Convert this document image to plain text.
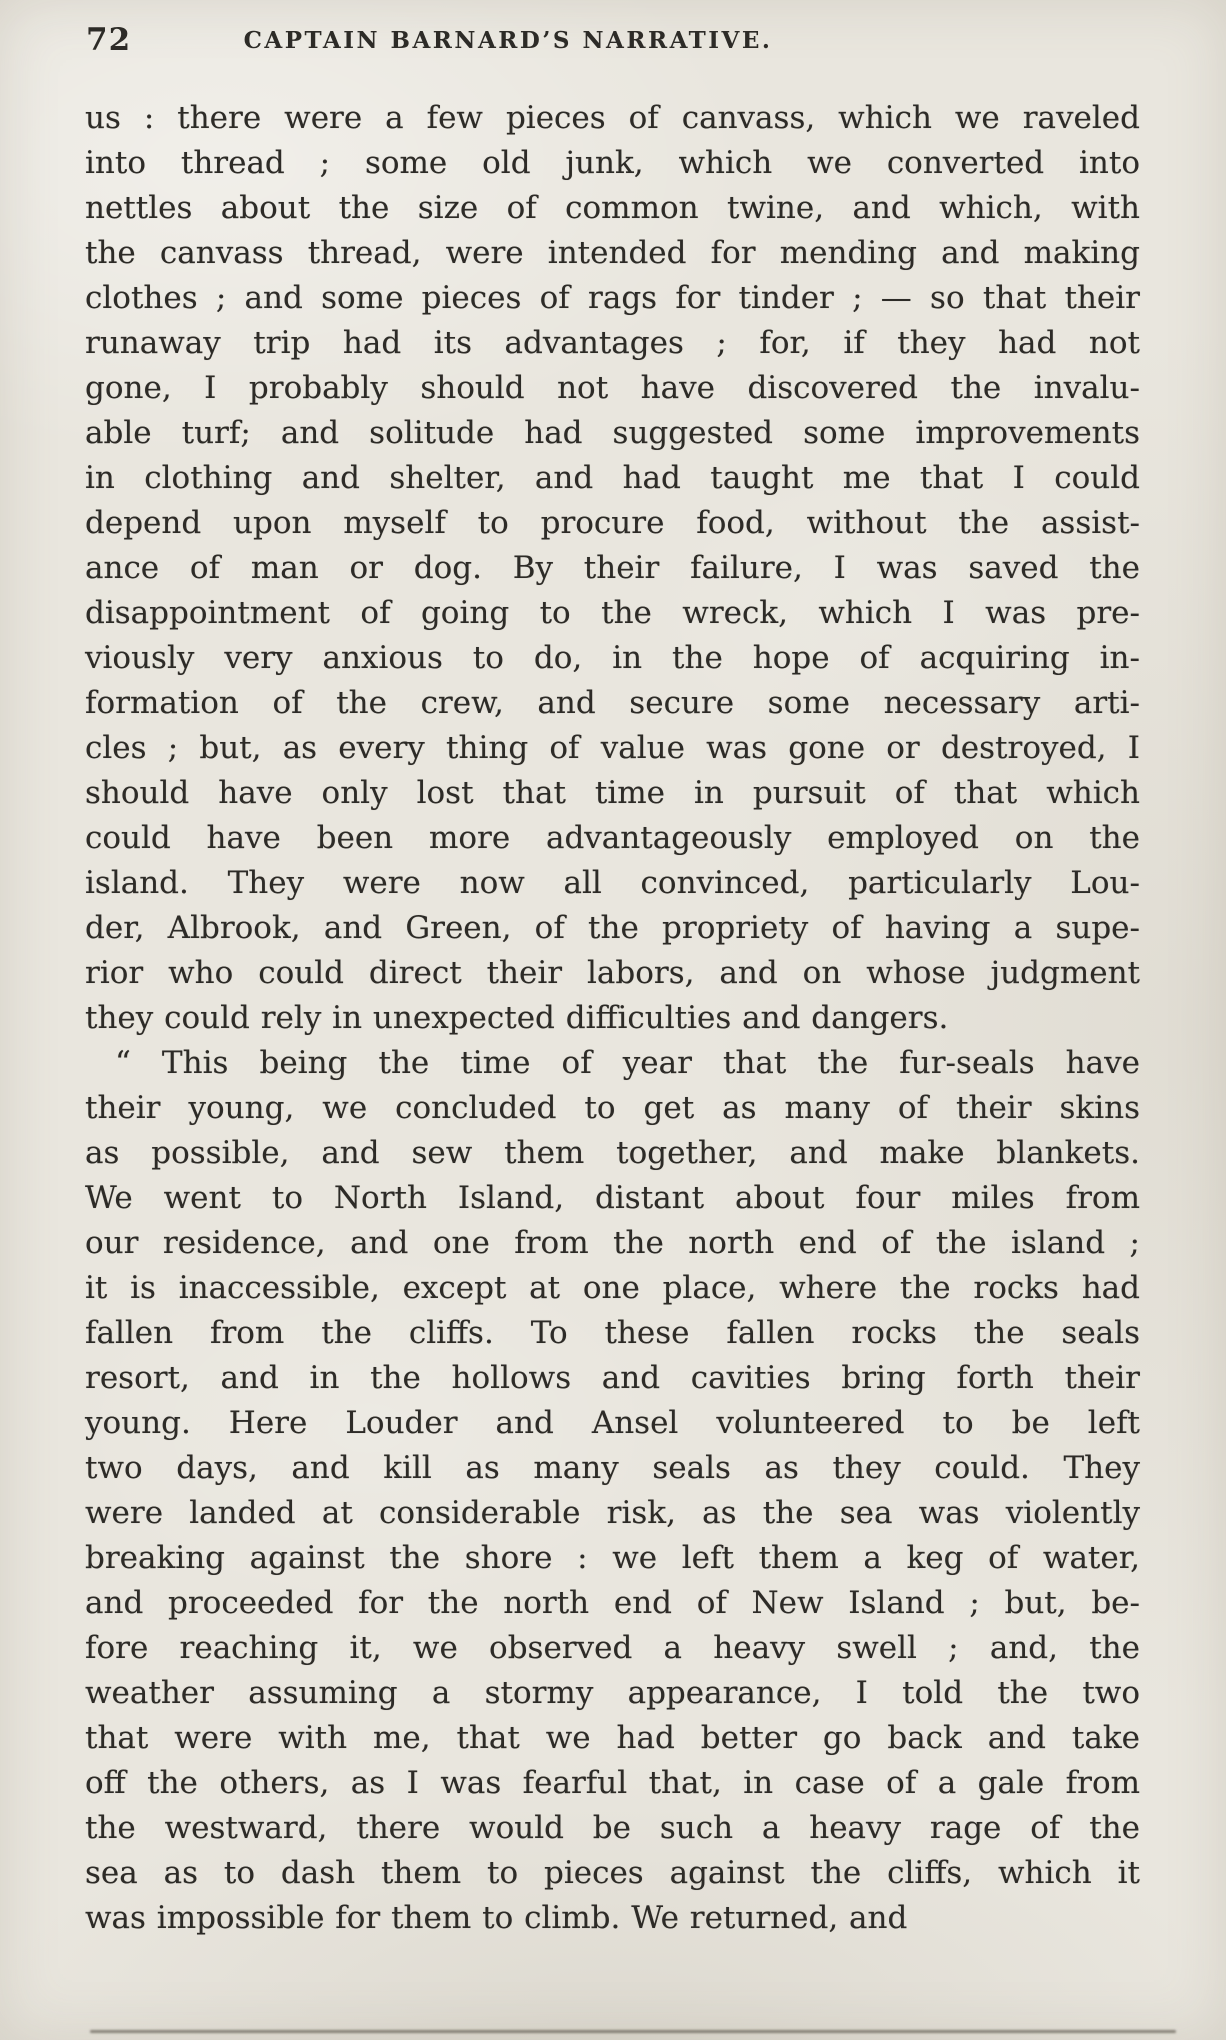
72	CAPTAIN BARNARD’S NARRATIVE.

us : there were a few pieces of canvass, which we raveled
into thread ; some old junk, which we converted into
nettles about the size of common twine, and which, with
the canvass thread, were intended for mending and making
clothes ; and some pieces of rags for tinder ; — so that their
runaway trip had its advantages ; for, if they had not
gone, I probably should not have discovered the invalu-
able turf; and solitude had suggested some improvements
in clothing and shelter, and had taught me that I could
depend upon myself to procure food, without the assist-
ance of man or dog. By their failure, I was saved the
disappointment of going to the wreck, which I was pre-
viously very anxious to do, in the hope of acquiring in-
formation of the crew, and secure some necessary arti-
cles ; but, as every thing of value was gone or destroyed, I
should have only lost that time in pursuit of that which
could have been more advantageously employed on the
island. They were now all convinced, particularly Lou-
der, Albrook, and Green, of the propriety of having a supe-
rior who could direct their labors, and on whose judgment
they could rely in unexpected difficulties and dangers.

“ This being the time of year that the fur-seals have
their young, we concluded to get as many of their skins
as possible, and sew them together, and make blankets.
We went to North Island, distant about four miles from
our residence, and one from the north end of the island ;
it is inaccessible, except at one place, where the rocks had
fallen from the cliffs. To these fallen rocks the seals
resort, and in the hollows and cavities bring forth their
young. Here Louder and Ansel volunteered to be left
two days, and kill as many seals as they could. They
were landed at considerable risk, as the sea was violently
breaking against the shore : we left them a keg of water,
and proceeded for the north end of New Island ; but, be-
fore reaching it, we observed a heavy swell ; and, the
weather assuming a stormy appearance, I told the two
that were with me, that we had better go back and take
off the others, as I was fearful that, in case of a gale from
the westward, there would be such a heavy rage of the
sea as to dash them to pieces against the cliffs, which it
was impossible for them to climb. We returned, and
